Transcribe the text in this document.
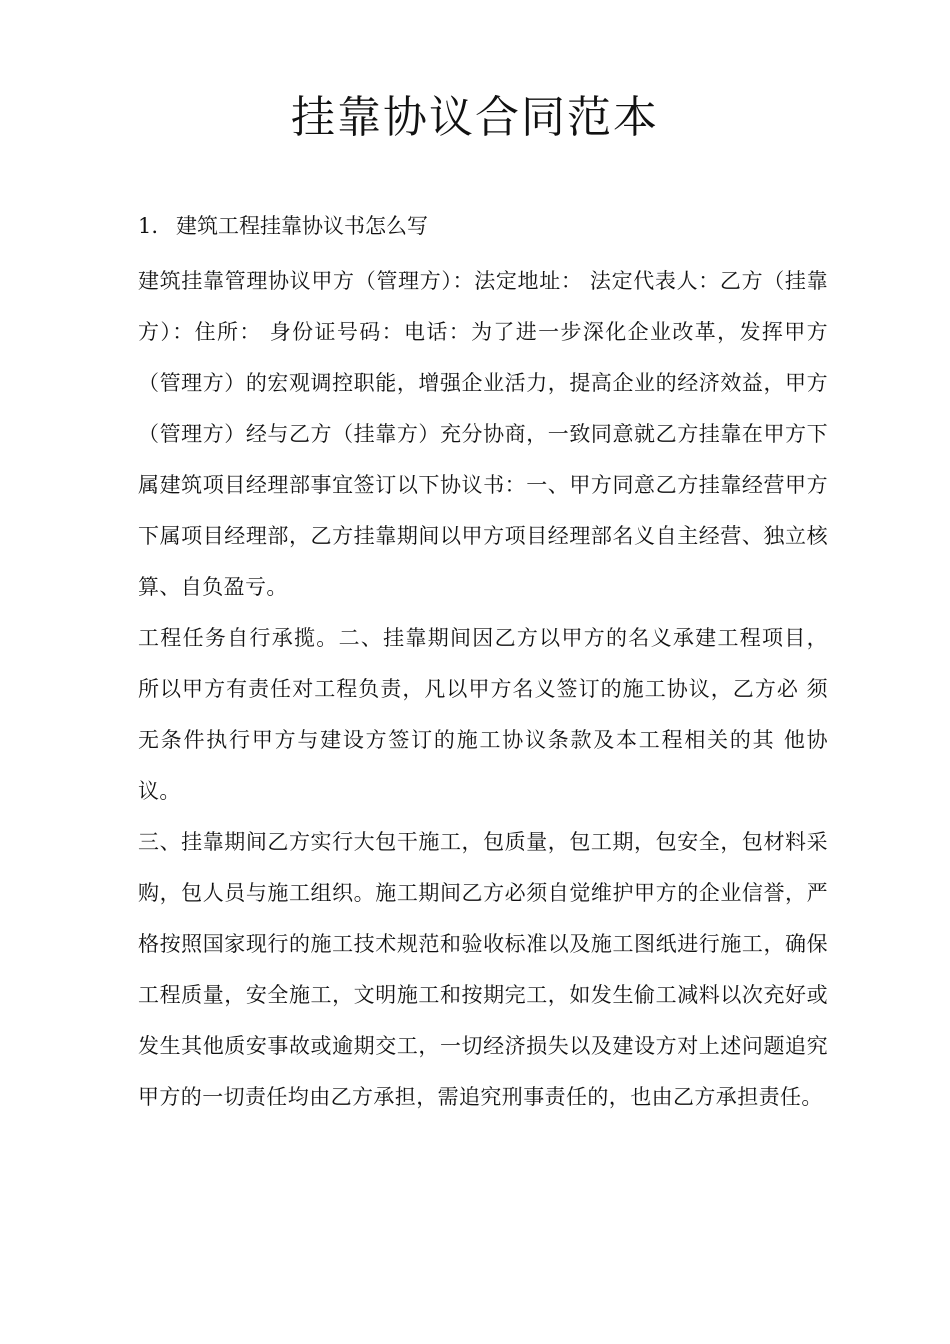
挂靠协议合同范本
1. 建筑工程挂靠协议书怎么写

建筑挂靠管理协议甲方（管理方）：法定地址： 法定代表人：乙方（挂靠方）：住所： 身份证号码：电话：为了进一步深化企业改革，发挥甲方（管理方）的宏观调控职能，增强企业活力，提高企业的经济效益，甲方（管理方）经与乙方（挂靠方）充分协商，一致同意就乙方挂靠在甲方下属建筑项目经理部事宜签订以下协议书：一、甲方同意乙方挂靠经营甲方下属项目经理部，乙方挂靠期间以甲方项目经理部名义自主经营、独立核算、自负盈亏。

工程任务自行承揽。二、挂靠期间因乙方以甲方的名义承建工程项目， 所以甲方有责任对工程负责，凡以甲方名义签订的施工协议，乙方必 须无条件执行甲方与建设方签订的施工协议条款及本工程相关的其 他协议。

三、挂靠期间乙方实行大包干施工，包质量，包工期，包安全，包材料采购，包人员与施工组织。施工期间乙方必须自觉维护甲方的企业信誉，严格按照国家现行的施工技术规范和验收标准以及施工图纸进行施工，确保工程质量，安全施工，文明施工和按期完工，如发生偷工减料以次充好或发生其他质安事故或逾期交工，一切经济损失以及建设方对上述问题追究甲方的一切责任均由乙方承担，需追究刑事责任的，也由乙方承担责任。
